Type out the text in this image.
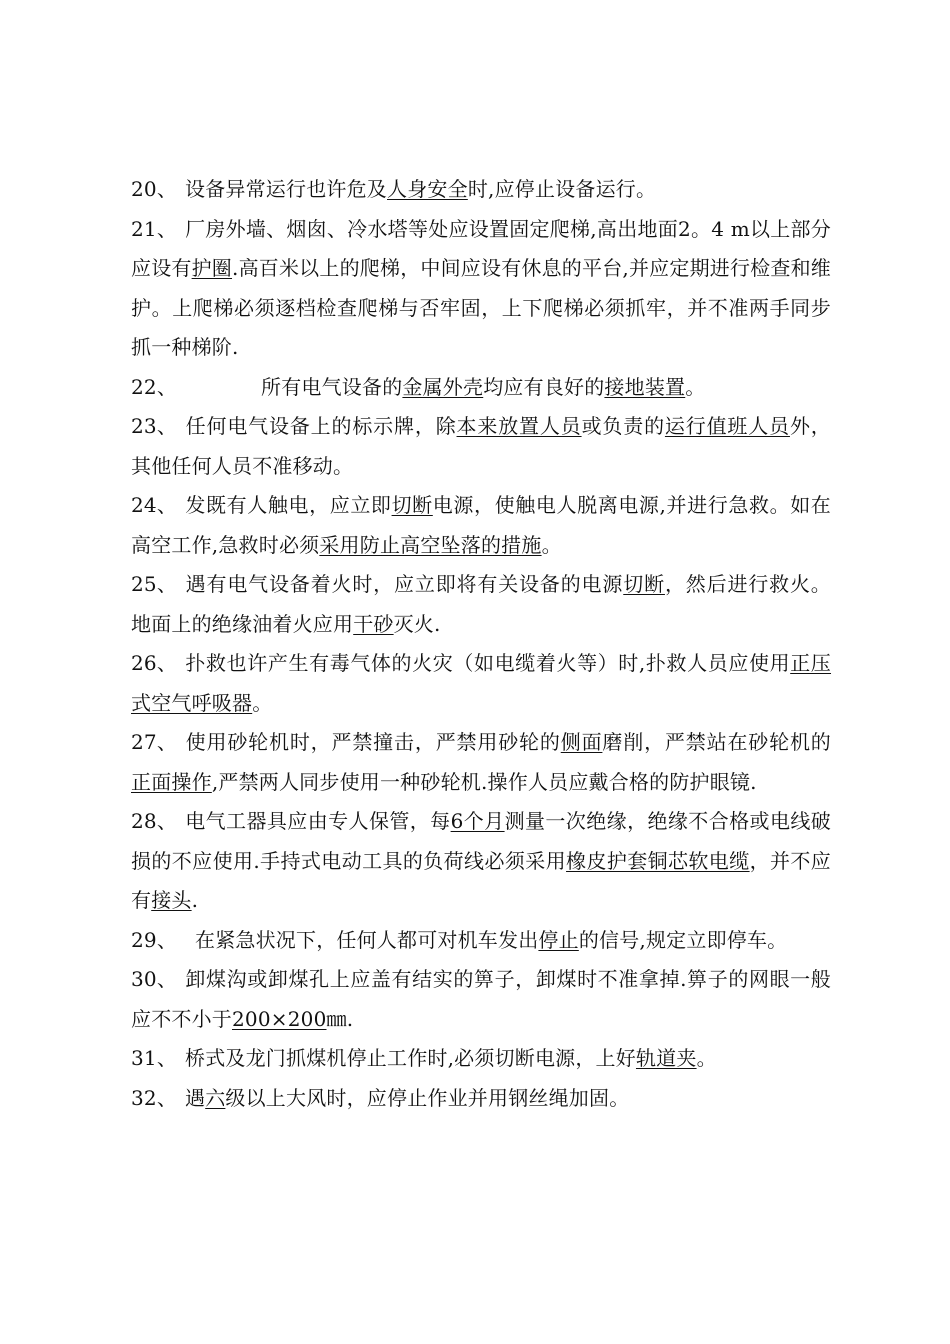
20、 设备异常运行也许危及人身安全时,应停止设备运行。

21、 厂房外墙、烟囱、冷水塔等处应设置固定爬梯,高出地面2。4 m以上部分应设有护圈.高百米以上的爬梯，中间应设有休息的平台,并应定期进行检查和维护。上爬梯必须逐档检查爬梯与否牢固，上下爬梯必须抓牢，并不准两手同步抓一种梯阶.

22、	所有电气设备的金属外壳均应有良好的接地装置。

23、 任何电气设备上的标示牌，除本来放置人员或负责的运行值班人员外，其他任何人员不准移动。

24、 发既有人触电，应立即切断电源，使触电人脱离电源,并进行急救。如在高空工作,急救时必须采用防止高空坠落的措施。

25、 遇有电气设备着火时，应立即将有关设备的电源切断，然后进行救火。地面上的绝缘油着火应用干砂灭火.

26、 扑救也许产生有毒气体的火灾（如电缆着火等）时,扑救人员应使用正压式空气呼吸器。

27、 使用砂轮机时，严禁撞击，严禁用砂轮的侧面磨削，严禁站在砂轮机的正面操作,严禁两人同步使用一种砂轮机.操作人员应戴合格的防护眼镜.

28、 电气工器具应由专人保管，每6个月测量一次绝缘，绝缘不合格或电线破损的不应使用.手持式电动工具的负荷线必须采用橡皮护套铜芯软电缆，并不应有接头.

29、 在紧急状况下，任何人都可对机车发出停止的信号,规定立即停车。

30、 卸煤沟或卸煤孔上应盖有结实的箅子，卸煤时不准拿掉.箅子的网眼一般应不不小于200×200㎜.

31、 桥式及龙门抓煤机停止工作时,必须切断电源，上好轨道夹。

32、 遇六级以上大风时，应停止作业并用钢丝绳加固。
